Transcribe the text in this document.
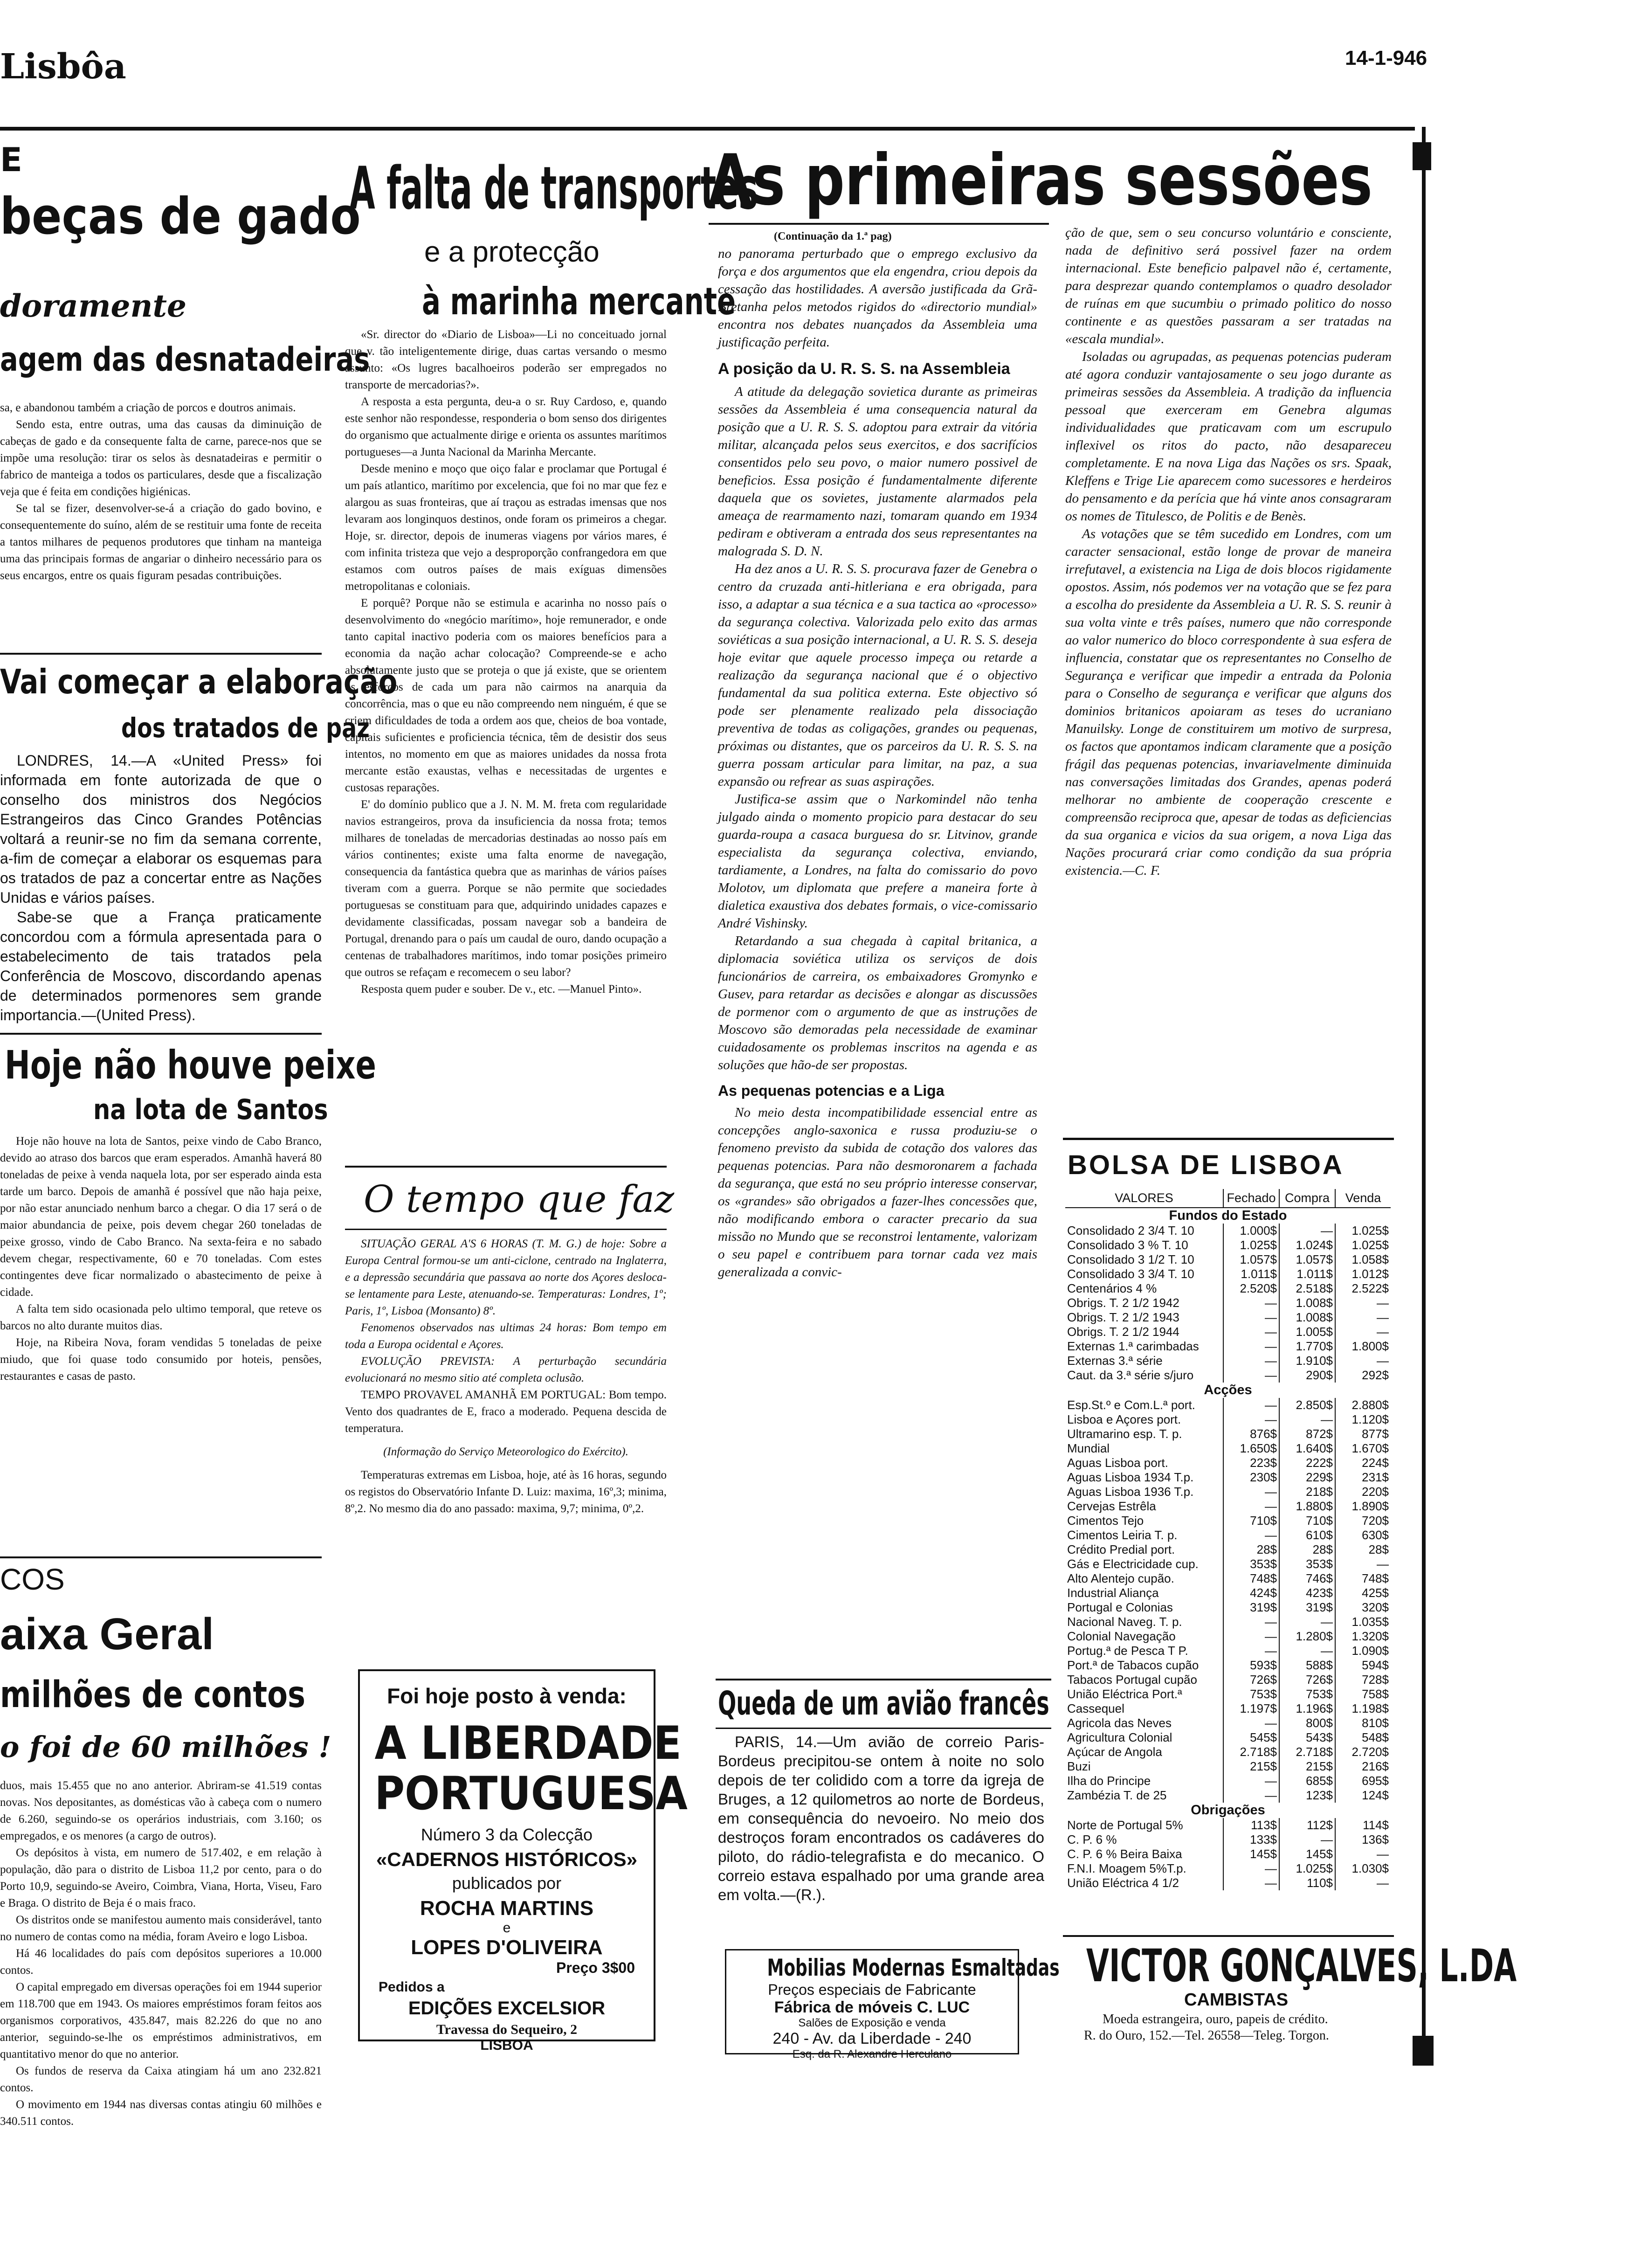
Lisbôa	14-1-946
E
beças de gado
doramente
agem das desnatadeiras

sa, e abandonou também a criação de porcos e doutros animais.

Sendo esta, entre outras, uma das causas da diminuição de cabeças de gado e da consequente falta de carne, parece-nos que se impõe uma resolução: tirar os selos às desnatadeiras e permitir o fabrico de manteiga a todos os particulares, desde que a fiscalização veja que é feita em condições higiénicas.

Se tal se fizer, desenvolver-se-á a criação do gado bovino, e consequentemente do suíno, além de se restituir uma fonte de receita a tantos milhares de pequenos produtores que tinham na manteiga uma das principais formas de angariar o dinheiro necessário para os seus encargos, entre os quais figuram pesadas contribuições.

Vai começar a elaboração
dos tratados de paz

LONDRES, 14.—A «United Press» foi informada em fonte autorizada de que o conselho dos ministros dos Negócios Estrangeiros das Cinco Grandes Potências voltará a reunir-se no fim da semana corrente, a-fim de começar a elaborar os esquemas para os tratados de paz a concertar entre as Nações Unidas e vários países.

Sabe-se que a França praticamente concordou com a fórmula apresentada para o estabelecimento de tais tratados pela Conferência de Moscovo, discordando apenas de determinados pormenores sem grande importancia.—(United Press).

Hoje não houve peixe
na lota de Santos

Hoje não houve na lota de Santos, peixe vindo de Cabo Branco, devido ao atraso dos barcos que eram esperados. Amanhã haverá 80 toneladas de peixe à venda naquela lota, por ser esperado ainda esta tarde um barco. Depois de amanhã é possível que não haja peixe, por não estar anunciado nenhum barco a chegar. O dia 17 será o de maior abundancia de peixe, pois devem chegar 260 toneladas de peixe grosso, vindo de Cabo Branco. Na sexta-feira e no sabado devem chegar, respectivamente, 60 e 70 toneladas. Com estes contingentes deve ficar normalizado o abastecimento de peixe à cidade.

A falta tem sido ocasionada pelo ultimo temporal, que reteve os barcos no alto durante muitos dias.

Hoje, na Ribeira Nova, foram vendidas 5 toneladas de peixe miudo, que foi quase todo consumido por hoteis, pensões, restaurantes e casas de pasto.

COS
aixa Geral
milhões de contos
o foi de 60 milhões !

duos, mais 15.455 que no ano anterior. Abriram-se 41.519 contas novas. Nos depositantes, as domésticas vão à cabeça com o numero de 6.260, seguindo-se os operários industriais, com 3.160; os empregados, e os menores (a cargo de outros).

Os depósitos à vista, em numero de 517.402, e em relação à população, dão para o distrito de Lisboa 11,2 por cento, para o do Porto 10,9, seguindo-se Aveiro, Coimbra, Viana, Horta, Viseu, Faro e Braga. O distrito de Beja é o mais fraco.

Os distritos onde se manifestou aumento mais considerável, tanto no numero de contas como na média, foram Aveiro e logo Lisboa.

Há 46 localidades do país com depósitos superiores a 10.000 contos.

O capital empregado em diversas operações foi em 1944 superior em 118.700 que em 1943. Os maiores empréstimos foram feitos aos organismos corporativos, 435.847, mais 82.226 do que no ano anterior, seguindo-se-lhe os empréstimos administrativos, em quantitativo menor do que no anterior.

Os fundos de reserva da Caixa atingiam há um ano 232.821 contos.

O movimento em 1944 nas diversas contas atingiu 60 milhões e 340.511 contos.

A falta de transportes
e a protecção
à marinha mercante

«Sr. director do «Diario de Lisboa»—Li no conceituado jornal que v. tão inteligentemente dirige, duas cartas versando o mesmo assunto: «Os lugres bacalhoeiros poderão ser empregados no transporte de mercadorias?».

A resposta a esta pergunta, deu-a o sr. Ruy Cardoso, e, quando este senhor não respondesse, responderia o bom senso dos dirigentes do organismo que actualmente dirige e orienta os assuntes marítimos portugueses—a Junta Nacional da Marinha Mercante.

Desde menino e moço que oiço falar e proclamar que Portugal é um país atlantico, marítimo por excelencia, que foi no mar que fez e alargou as suas fronteiras, que aí traçou as estradas imensas que nos levaram aos longinquos destinos, onde foram os primeiros a chegar. Hoje, sr. director, depois de inumeras viagens por vários mares, é com infinita tristeza que vejo a desproporção confrangedora em que estamos com outros países de mais exíguas dimensões metropolitanas e coloniais.

E porquê? Porque não se estimula e acarinha no nosso país o desenvolvimento do «negócio marítimo», hoje remunerador, e onde tanto capital inactivo poderia com os maiores benefícios para a economia da nação achar colocação? Compreende-se e acho absolutamente justo que se proteja o que já existe, que se orientem os esforços de cada um para não cairmos na anarquia da concorrência, mas o que eu não compreendo nem ninguém, é que se criem dificuldades de toda a ordem aos que, cheios de boa vontade, capitais suficientes e proficiencia técnica, têm de desistir dos seus intentos, no momento em que as maiores unidades da nossa frota mercante estão exaustas, velhas e necessitadas de urgentes e custosas reparações.

E' do domínio publico que a J. N. M. M. freta com regularidade navios estrangeiros, prova da insuficiencia da nossa frota; temos milhares de toneladas de mercadorias destinadas ao nosso país em vários continentes; existe uma falta enorme de navegação, consequencia da fantástica quebra que as marinhas de vários países tiveram com a guerra. Porque se não permite que sociedades portuguesas se constituam para que, adquirindo unidades capazes e devidamente classificadas, possam navegar sob a bandeira de Portugal, drenando para o país um caudal de ouro, dando ocupação a centenas de trabalhadores marítimos, indo tomar posições primeiro que outros se refaçam e recomecem o seu labor?

Resposta quem puder e souber. De v., etc. —Manuel Pinto».

O tempo que faz

SITUAÇÃO GERAL A'S 6 HORAS (T. M. G.) de hoje: Sobre a Europa Central formou-se um anti-ciclone, centrado na Inglaterra, e a depressão secundária que passava ao norte dos Açores desloca-se lentamente para Leste, atenuando-se. Temperaturas: Londres, 1º; Paris, 1º, Lisboa (Monsanto) 8º.

Fenomenos observados nas ultimas 24 horas: Bom tempo em toda a Europa ocidental e Açores.

EVOLUÇÃO PREVISTA: A perturbação secundária evolucionará no mesmo sitio até completa oclusão.

TEMPO PROVAVEL AMANHÃ EM PORTUGAL: Bom tempo. Vento dos quadrantes de E, fraco a moderado. Pequena descida de temperatura.

(Informação do Serviço Meteorologico do Exército).

Temperaturas extremas em Lisboa, hoje, até às 16 horas, segundo os registos do Observatório Infante D. Luiz: maxima, 16º,3; minima, 8º,2. No mesmo dia do ano passado: maxima, 9,7; minima, 0º,2.

Foi hoje posto à venda:
A LIBERDADE
PORTUGUESA
Número 3 da Colecção
«CADERNOS HISTÓRICOS»
publicados por
ROCHA MARTINS
e
LOPES D'OLIVEIRA
Preço 3$00
Pedidos a
EDIÇÕES EXCELSIOR
Travessa do Sequeiro, 2
LISBOA
As primeiras sessões
(Continuação da 1.ª pag)

no panorama perturbado que o emprego exclusivo da força e dos argumentos que ela engendra, criou depois da cessação das hostilidades. A aversão justificada da Grã-Bretanha pelos metodos rigidos do «directorio mundial» encontra nos debates nuançados da Assembleia uma justificação perfeita.

A posição da U. R. S. S. na Assembleia

A atitude da delegação sovietica durante as primeiras sessões da Assembleia é uma consequencia natural da posição que a U. R. S. S. adoptou para extrair da vitória militar, alcançada pelos seus exercitos, e dos sacrifícios consentidos pelo seu povo, o maior numero possivel de beneficios. Essa posição é fundamentalmente diferente daquela que os sovietes, justamente alarmados pela ameaça de rearmamento nazi, tomaram quando em 1934 pediram e obtiveram a entrada dos seus representantes na malograda S. D. N.

Ha dez anos a U. R. S. S. procurava fazer de Genebra o centro da cruzada anti-hitleriana e era obrigada, para isso, a adaptar a sua técnica e a sua tactica ao «processo» da segurança colectiva. Valorizada pelo exito das armas soviéticas a sua posição internacional, a U. R. S. S. deseja hoje evitar que aquele processo impeça ou retarde a realização da segurança nacional que é o objectivo fundamental da sua politica externa. Este objectivo só pode ser plenamente realizado pela dissociação preventiva de todas as coligações, grandes ou pequenas, próximas ou distantes, que os parceiros da U. R. S. S. na guerra possam articular para limitar, na paz, a sua expansão ou refrear as suas aspirações.

Justifica-se assim que o Narkomindel não tenha julgado ainda o momento propicio para destacar do seu guarda-roupa a casaca burguesa do sr. Litvinov, grande especialista da segurança colectiva, enviando, tardiamente, a Londres, na falta do comissario do povo Molotov, um diplomata que prefere a maneira forte à dialetica exaustiva dos debates formais, o vice-comissario André Vishinsky.

Retardando a sua chegada à capital britanica, a diplomacia soviética utiliza os serviços de dois funcionários de carreira, os embaixadores Gromynko e Gusev, para retardar as decisões e alongar as discussões de pormenor com o argumento de que as instruções de Moscovo são demoradas pela necessidade de examinar cuidadosamente os problemas inscritos na agenda e as soluções que hão-de ser propostas.

As pequenas potencias e a Liga

No meio desta incompatibilidade essencial entre as concepções anglo-saxonica e russa produziu-se o fenomeno previsto da subida de cotação dos valores das pequenas potencias. Para não desmoronarem a fachada da segurança, que está no seu próprio interesse conservar, os «grandes» são obrigados a fazer-lhes concessões que, não modificando embora o caracter precario da sua missão no Mundo que se reconstroi lentamente, valorizam o seu papel e contribuem para tornar cada vez mais generalizada a convic-

ção de que, sem o seu concurso voluntário e consciente, nada de definitivo será possivel fazer na ordem internacional. Este beneficio palpavel não é, certamente, para desprezar quando contemplamos o quadro desolador de ruínas em que sucumbiu o primado politico do nosso continente e as questões passaram a ser tratadas na «escala mundial».

Isoladas ou agrupadas, as pequenas potencias puderam até agora conduzir vantajosamente o seu jogo durante as primeiras sessões da Assembleia. A tradição da influencia pessoal que exerceram em Genebra algumas individualidades que praticavam com um escrupulo inflexivel os ritos do pacto, não desapareceu completamente. E na nova Liga das Nações os srs. Spaak, Kleffens e Trige Lie aparecem como sucessores e herdeiros do pensamento e da perícia que há vinte anos consagraram os nomes de Titulesco, de Politis e de Benès.

As votações que se têm sucedido em Londres, com um caracter sensacional, estão longe de provar de maneira irrefutavel, a existencia na Liga de dois blocos rigidamente opostos. Assim, nós podemos ver na votação que se fez para a escolha do presidente da Assembleia a U. R. S. S. reunir à sua volta vinte e três países, numero que não corresponde ao valor numerico do bloco correspondente à sua esfera de influencia, constatar que os representantes no Conselho de Segurança e verificar que impedir a entrada da Polonia para o Conselho de segurança e verificar que alguns dos dominios britanicos apoiaram as teses do ucraniano Manuilsky. Longe de constituirem um motivo de surpresa, os factos que apontamos indicam claramente que a posição frágil das pequenas potencias, invariavelmente diminuida nas conversações limitadas dos Grandes, apenas poderá melhorar no ambiente de cooperação crescente e compreensão reciproca que, apesar de todas as deficiencias da sua organica e vicios da sua origem, a nova Liga das Nações procurará criar como condição da sua própria existencia.—C. F.

Queda de um avião francês

PARIS, 14.—Um avião de correio Paris-Bordeus precipitou-se ontem à noite no solo depois de ter colidido com a torre da igreja de Bruges, a 12 quilometros ao norte de Bordeus, em consequência do nevoeiro. No meio dos destroços foram encontrados os cadáveres do piloto, do rádio-telegrafista e do mecanico. O correio estava espalhado por uma grande area em volta.—(R.).

Mobilias Modernas Esmaltadas
Preços especiais de Fabricante
Fábrica de móveis C. LUC
Salões de Exposição e venda
240 - Av. da Liberdade - 240
Esq. da R. Alexandre Herculano
BOLSA DE LISBOA
VALORES	Fechado	Compra	Venda
Fundos do Estado			
Consolidado 2 3/4 T. 10	1.000$	—	1.025$
Consolidado 3 % T. 10	1.025$	1.024$	1.025$
Consolidado 3 1/2 T. 10	1.057$	1.057$	1.058$
Consolidado 3 3/4 T. 10	1.011$	1.011$	1.012$
Centenários 4 %	2.520$	2.518$	2.522$
Obrigs. T. 2 1/2 1942	—	1.008$	—
Obrigs. T. 2 1/2 1943	—	1.008$	—
Obrigs. T. 2 1/2 1944	—	1.005$	—
Externas 1.ª carimbadas	—	1.770$	1.800$
Externas 3.ª série	—	1.910$	—
Caut. da 3.ª série s/juro	—	290$	292$
Acções			
Esp.St.º e Com.L.ª port.	—	2.850$	2.880$
Lisboa e Açores port.	—	—	1.120$
Ultramarino esp. T. p.	876$	872$	877$
Mundial	1.650$	1.640$	1.670$
Aguas Lisboa port.	223$	222$	224$
Aguas Lisboa 1934 T.p.	230$	229$	231$
Aguas Lisboa 1936 T.p.	—	218$	220$
Cervejas Estrêla	—	1.880$	1.890$
Cimentos Tejo	710$	710$	720$
Cimentos Leiria T. p.	—	610$	630$
Crédito Predial port.	28$	28$	28$
Gás e Electricidade cup.	353$	353$	—
Alto Alentejo cupão.	748$	746$	748$
Industrial Aliança	424$	423$	425$
Portugal e Colonias	319$	319$	320$
Nacional Naveg. T. p.	—	—	1.035$
Colonial Navegação	—	1.280$	1.320$
Portug.ª de Pesca T P.	—	—	1.090$
Port.ª de Tabacos cupão	593$	588$	594$
Tabacos Portugal cupão	726$	726$	728$
União Eléctrica Port.ª	753$	753$	758$
Cassequel	1.197$	1.196$	1.198$
Agricola das Neves	—	800$	810$
Agricultura Colonial	545$	543$	548$
Açúcar de Angola	2.718$	2.718$	2.720$
Buzi	215$	215$	216$
Ilha do Principe	—	685$	695$
Zambézia T. de 25	—	123$	124$
Obrigações			
Norte de Portugal 5%	113$	112$	114$
C. P. 6 %	133$	—	136$
C. P. 6 % Beira Baixa	145$	145$	—
F.N.I. Moagem 5%T.p.	—	1.025$	1.030$
União Eléctrica 4 1/2	—	110$	—
VICTOR GONÇALVES, L.DA
CAMBISTAS
Moeda estrangeira, ouro, papeis de crédito.
R. do Ouro, 152.—Tel. 26558—Teleg. Torgon.
